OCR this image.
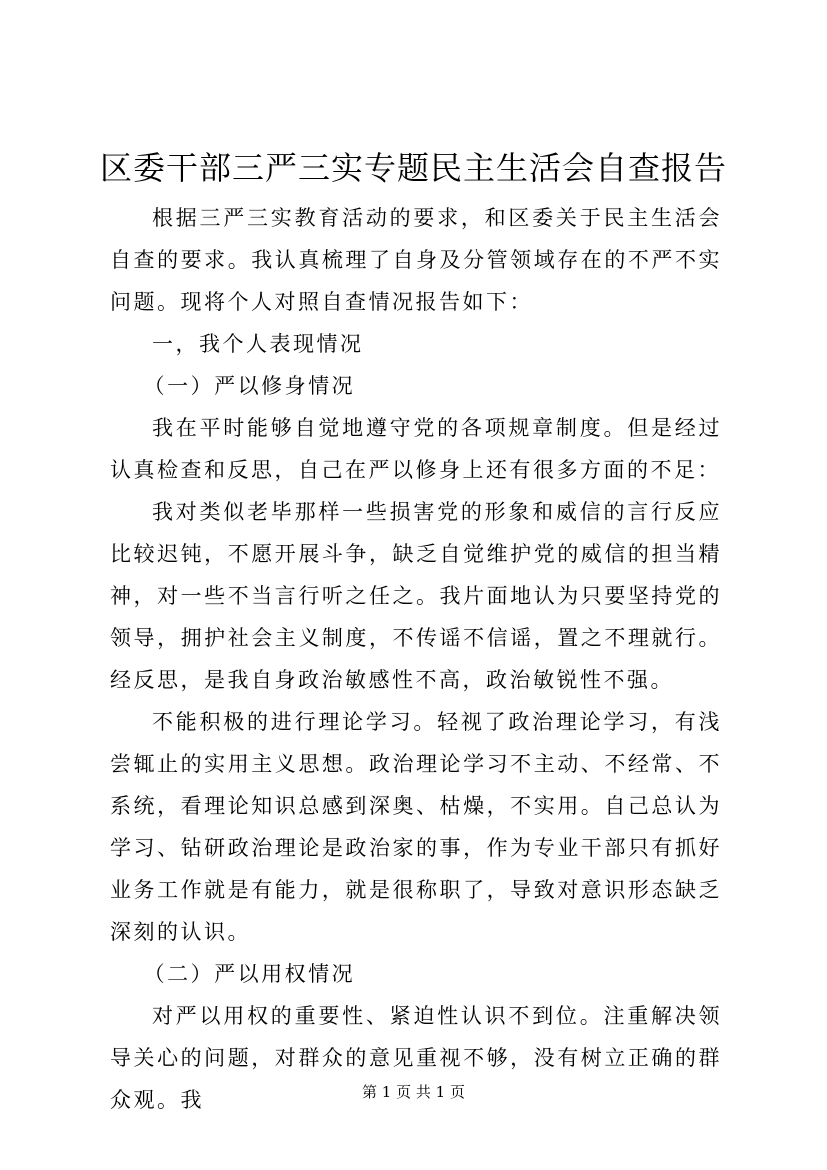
区委干部三严三实专题民主生活会自查报告

根据三严三实教育活动的要求，和区委关于民主生活会自查的要求。我认真梳理了自身及分管领域存在的不严不实问题。现将个人对照自查情况报告如下：

一，我个人表现情况

（一）严以修身情况

我在平时能够自觉地遵守党的各项规章制度。但是经过认真检查和反思，自己在严以修身上还有很多方面的不足：

我对类似老毕那样一些损害党的形象和威信的言行反应比较迟钝，不愿开展斗争，缺乏自觉维护党的威信的担当精神，对一些不当言行听之任之。我片面地认为只要坚持党的领导，拥护社会主义制度，不传谣不信谣，置之不理就行。经反思，是我自身政治敏感性不高，政治敏锐性不强。

不能积极的进行理论学习。轻视了政治理论学习，有浅尝辄止的实用主义思想。政治理论学习不主动、不经常、不系统，看理论知识总感到深奥、枯燥，不实用。自己总认为学习、钻研政治理论是政治家的事，作为专业干部只有抓好业务工作就是有能力，就是很称职了，导致对意识形态缺乏深刻的认识。

（二）严以用权情况

对严以用权的重要性、紧迫性认识不到位。注重解决领导关心的问题，对群众的意见重视不够，没有树立正确的群众观。我	第 1 页 共 1 页
